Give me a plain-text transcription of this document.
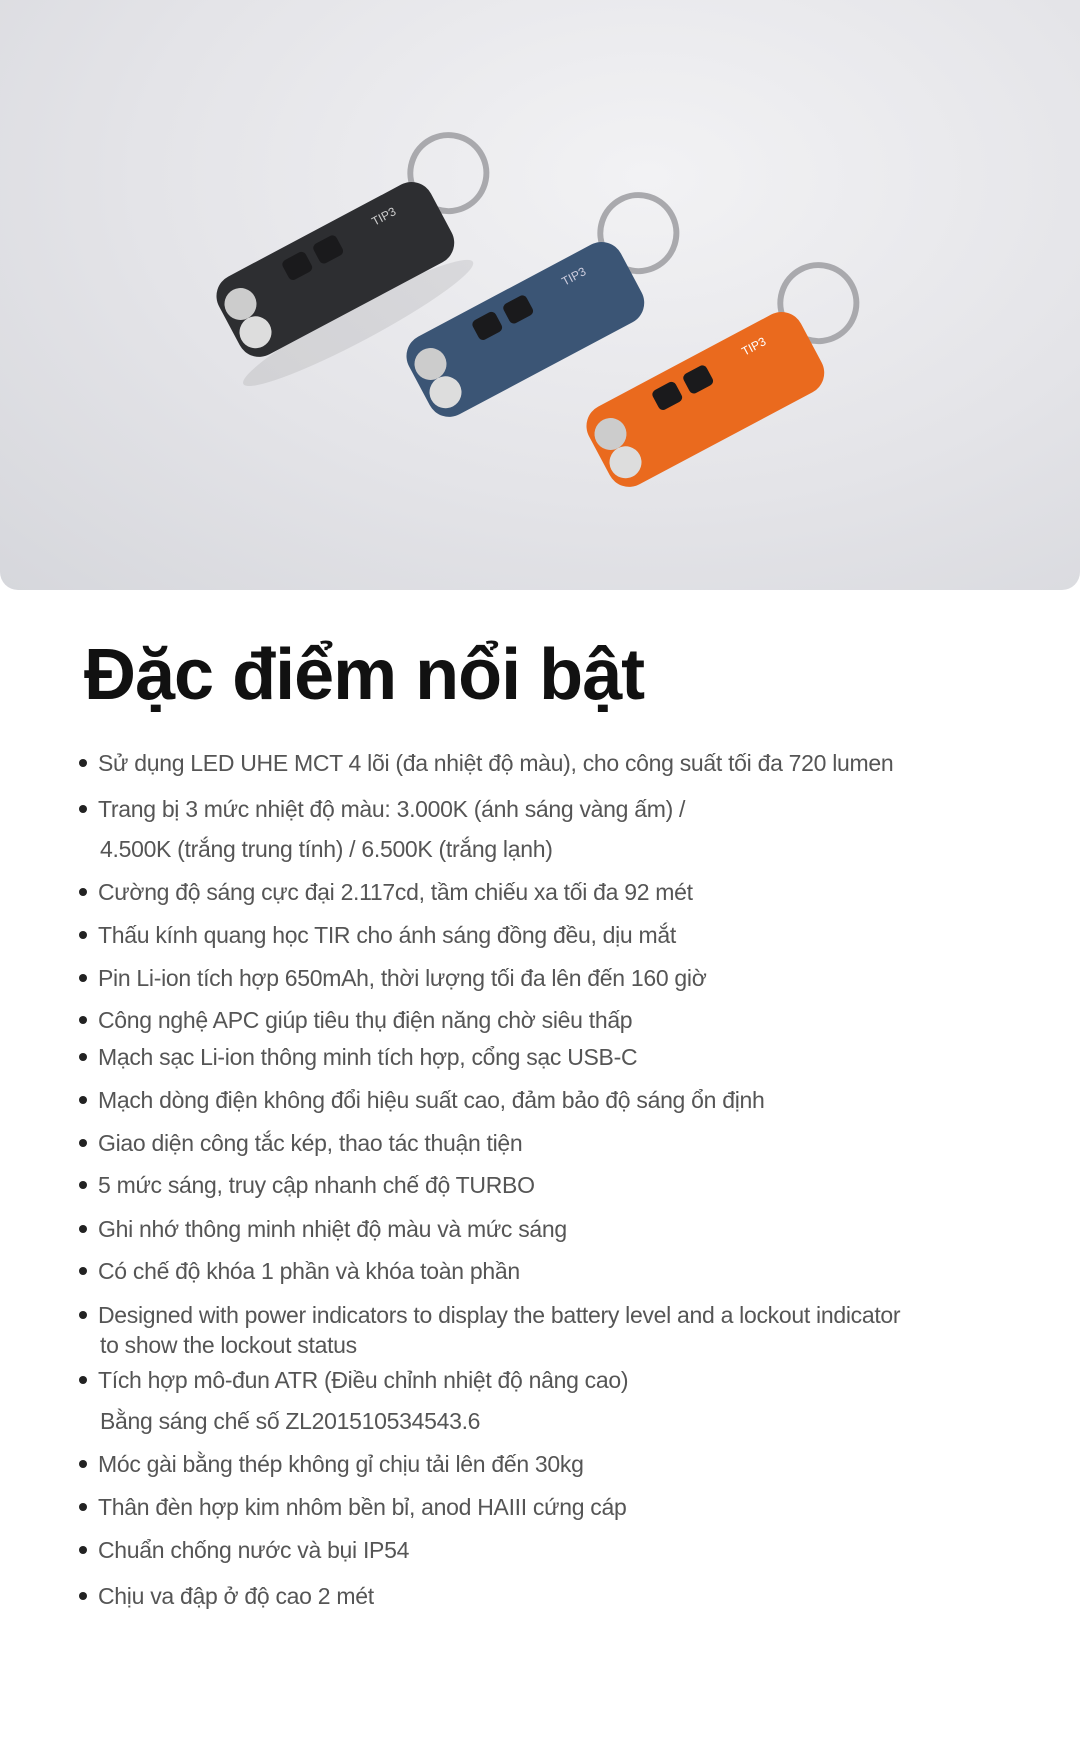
TIP3
TIP3
TIP3
Đặc điểm nổi bật
Sử dụng LED UHE MCT 4 lõi (đa nhiệt độ màu), cho công suất tối đa 720 lumen
Trang bị 3 mức nhiệt độ màu: 3.000K (ánh sáng vàng ấm) /
4.500K (trắng trung tính) / 6.500K (trắng lạnh)
Cường độ sáng cực đại 2.117cd, tầm chiếu xa tối đa 92 mét
Thấu kính quang học TIR cho ánh sáng đồng đều, dịu mắt
Pin Li-ion tích hợp 650mAh, thời lượng tối đa lên đến 160 giờ
Công nghệ APC giúp tiêu thụ điện năng chờ siêu thấp
Mạch sạc Li-ion thông minh tích hợp, cổng sạc USB-C
Mạch dòng điện không đổi hiệu suất cao, đảm bảo độ sáng ổn định
Giao diện công tắc kép, thao tác thuận tiện
5 mức sáng, truy cập nhanh chế độ TURBO
Ghi nhớ thông minh nhiệt độ màu và mức sáng
Có chế độ khóa 1 phần và khóa toàn phần
Designed with power indicators to display the battery level and a lockout indicator
to show the lockout status
Tích hợp mô-đun ATR (Điều chỉnh nhiệt độ nâng cao)
Bằng sáng chế số ZL201510534543.6
Móc gài bằng thép không gỉ chịu tải lên đến 30kg
Thân đèn hợp kim nhôm bền bỉ, anod HAIII cứng cáp
Chuẩn chống nước và bụi IP54
Chịu va đập ở độ cao 2 mét
